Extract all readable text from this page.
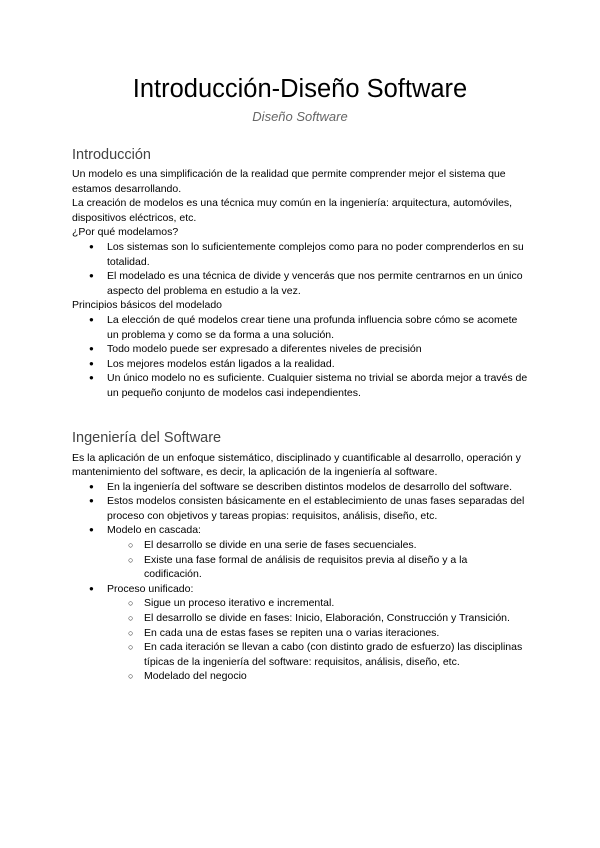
Introducción-Diseño Software
Diseño Software
Introducción

Un modelo es una simplificación de la realidad que permite comprender mejor el sistema que estamos desarrollando.

La creación de modelos es una técnica muy común en la ingeniería: arquitectura, automóviles, dispositivos eléctricos, etc.

¿Por qué modelamos?

● Los sistemas son lo suficientemente complejos como para no poder comprenderlos en su totalidad.
● El modelado es una técnica de divide y vencerás que nos permite centrarnos en un único aspecto del problema en estudio a la vez.

Principios básicos del modelado

● La elección de qué modelos crear tiene una profunda influencia sobre cómo se acomete un problema y como se da forma a una solución.
● Todo modelo puede ser expresado a diferentes niveles de precisión
● Los mejores modelos están ligados a la realidad.
● Un único modelo no es suficiente. Cualquier sistema no trivial se aborda mejor a través de un pequeño conjunto de modelos casi independientes.
Ingeniería del Software

Es la aplicación de un enfoque sistemático, disciplinado y cuantificable al desarrollo, operación y mantenimiento del software, es decir, la aplicación de la ingeniería al software.

● En la ingeniería del software se describen distintos modelos de desarrollo del software.
● Estos modelos consisten básicamente en el establecimiento de unas fases separadas del proceso con objetivos y tareas propias: requisitos, análisis, diseño, etc.
● Modelo en cascada:
○ El desarrollo se divide en una serie de fases secuenciales.
○ Existe una fase formal de análisis de requisitos previa al diseño y a la codificación.
● Proceso unificado:
○ Sigue un proceso iterativo e incremental.
○ El desarrollo se divide en fases: Inicio, Elaboración, Construcción y Transición.
○ En cada una de estas fases se repiten una o varias iteraciones.
○ En cada iteración se llevan a cabo (con distinto grado de esfuerzo) las disciplinas típicas de la ingeniería del software: requisitos, análisis, diseño, etc.
○ Modelado del negocio
